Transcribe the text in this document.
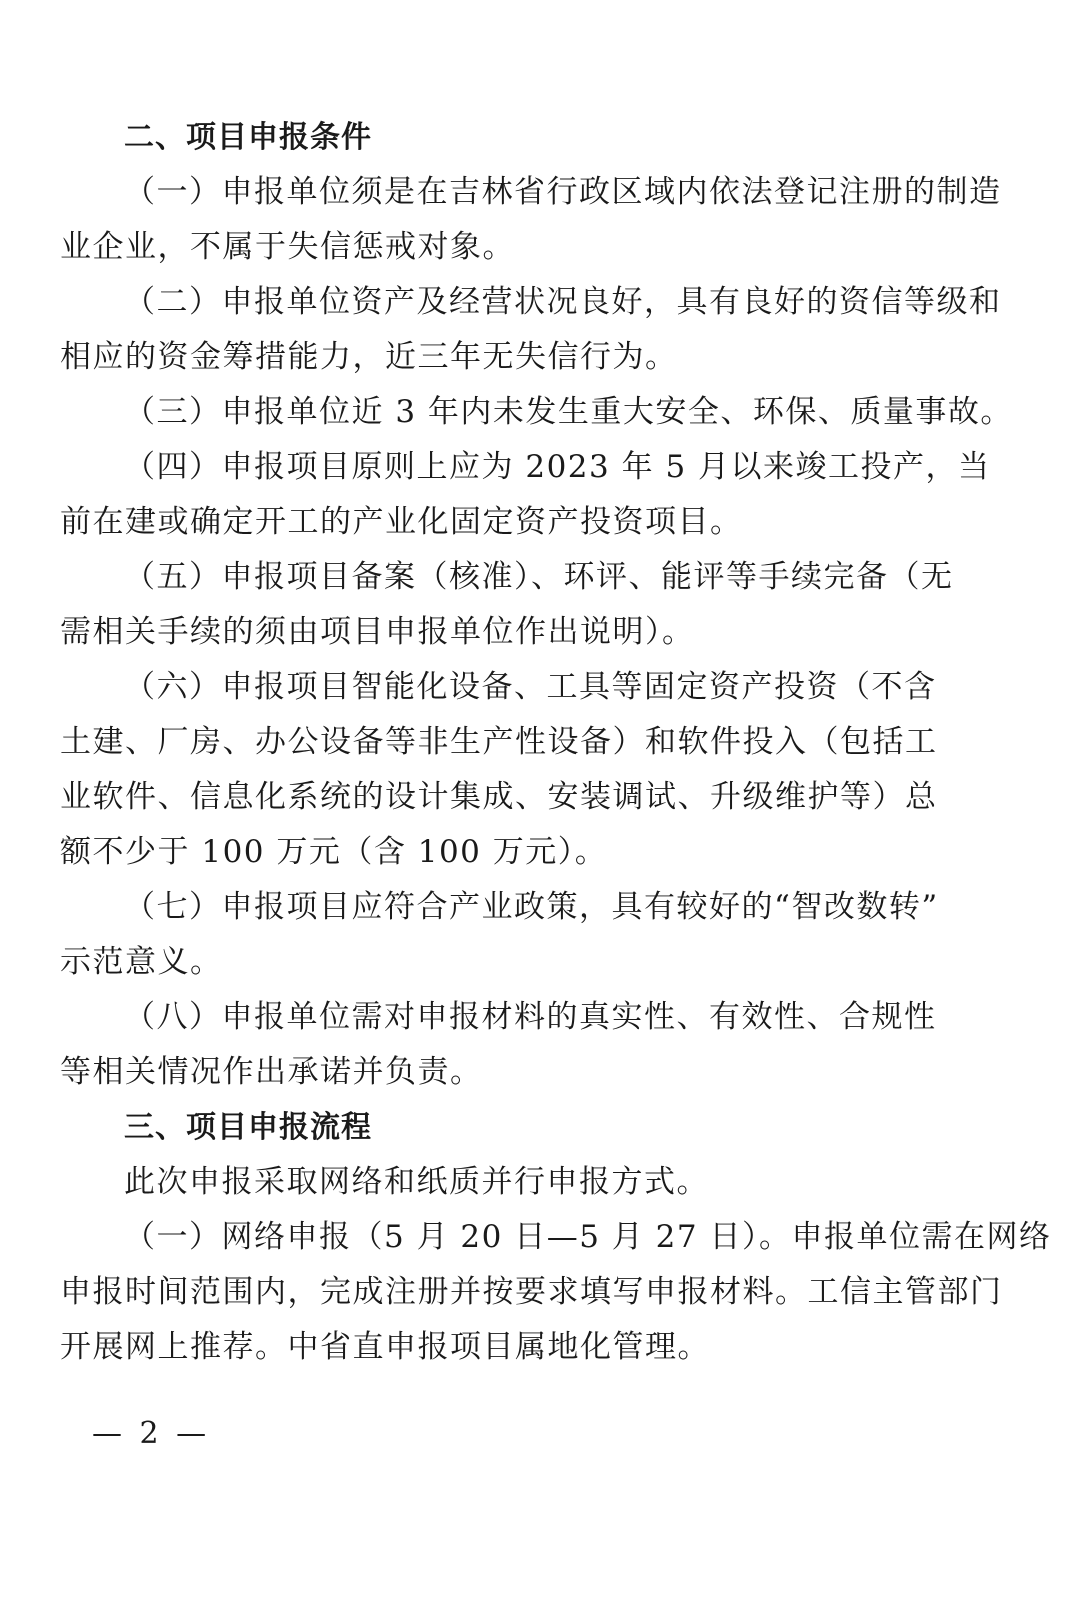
二、项目申报条件
（一）申报单位须是在吉林省行政区域内依法登记注册的制造
业企业，不属于失信惩戒对象。
（二）申报单位资产及经营状况良好，具有良好的资信等级和
相应的资金筹措能力，近三年无失信行为。
（三）申报单位近 3 年内未发生重大安全、环保、质量事故。
（四）申报项目原则上应为 2023 年 5 月以来竣工投产，当
前在建或确定开工的产业化固定资产投资项目。
（五）申报项目备案（核准）、环评、能评等手续完备（无
需相关手续的须由项目申报单位作出说明）。
（六）申报项目智能化设备、工具等固定资产投资（不含
土建、厂房、办公设备等非生产性设备）和软件投入（包括工
业软件、信息化系统的设计集成、安装调试、升级维护等）总
额不少于 100 万元（含 100 万元）。
（七）申报项目应符合产业政策，具有较好的“智改数转”
示范意义。
（八）申报单位需对申报材料的真实性、有效性、合规性
等相关情况作出承诺并负责。
三、项目申报流程
此次申报采取网络和纸质并行申报方式。
（一）网络申报（5 月 20 日—5 月 27 日）。申报单位需在网络
申报时间范围内，完成注册并按要求填写申报材料。工信主管部门
开展网上推荐。中省直申报项目属地化管理。
— 2 —
